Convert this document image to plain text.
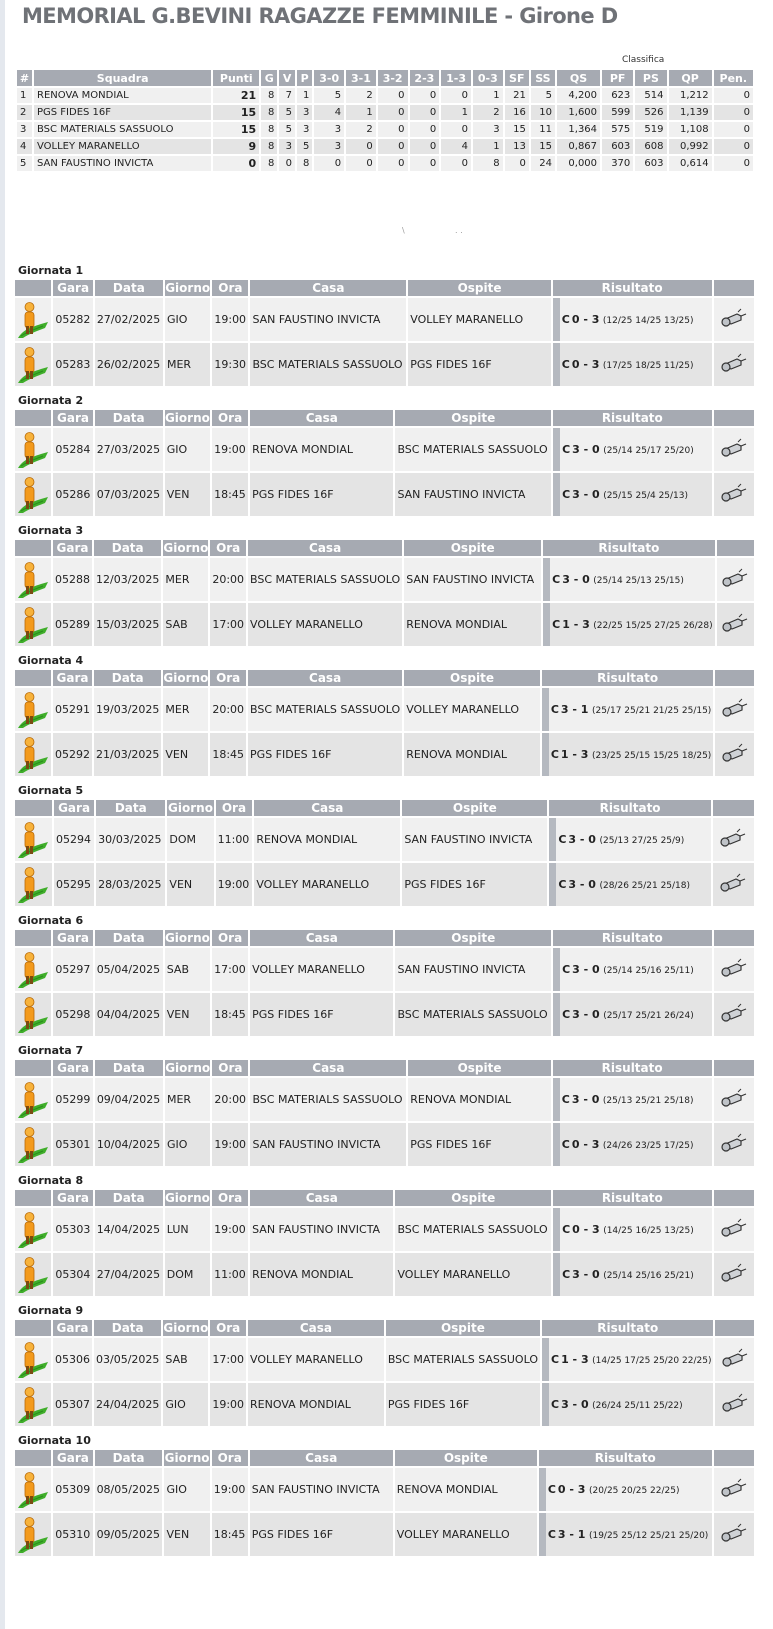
MEMORIAL G.BEVINI RAGAZZE FEMMINILE - Girone D
Classifica
#	Squadra	Punti	G	V	P	3-0	3-1	3-2	2-3	1-3	0-3	SF	SS	QS	PF	PS	QP	Pen.
1	RENOVA MONDIAL	21	8	7	1	5	2	0	0	0	1	21	5	4,200	623	514	1,212	0
2	PGS FIDES 16F	15	8	5	3	4	1	0	0	1	2	16	10	1,600	599	526	1,139	0
3	BSC MATERIALS SASSUOLO	15	8	5	3	3	2	0	0	0	3	15	11	1,364	575	519	1,108	0
4	VOLLEY MARANELLO	9	8	3	5	3	0	0	0	4	1	13	15	0,867	603	608	0,992	0
5	SAN FAUSTINO INVICTA	0	8	0	8	0	0	0	0	0	8	0	24	0,000	370	603	0,614	0
\	. .
Giornata 1
	Gara	Data	Giorno	Ora	Casa	Ospite	Risultato	
	05282	27/02/2025	GIO	19:00	SAN FAUSTINO INVICTA	VOLLEY MARANELLO	C 0 - 3 (12/25 14/25 13/25)	
	05283	26/02/2025	MER	19:30	BSC MATERIALS SASSUOLO	PGS FIDES 16F	C 0 - 3 (17/25 18/25 11/25)	
Giornata 2
	Gara	Data	Giorno	Ora	Casa	Ospite	Risultato	
	05284	27/03/2025	GIO	19:00	RENOVA MONDIAL	BSC MATERIALS SASSUOLO	C 3 - 0 (25/14 25/17 25/20)	
	05286	07/03/2025	VEN	18:45	PGS FIDES 16F	SAN FAUSTINO INVICTA	C 3 - 0 (25/15 25/4 25/13)	
Giornata 3
	Gara	Data	Giorno	Ora	Casa	Ospite	Risultato	
	05288	12/03/2025	MER	20:00	BSC MATERIALS SASSUOLO	SAN FAUSTINO INVICTA	C 3 - 0 (25/14 25/13 25/15)	
	05289	15/03/2025	SAB	17:00	VOLLEY MARANELLO	RENOVA MONDIAL	C 1 - 3 (22/25 15/25 27/25 26/28)	
Giornata 4
	Gara	Data	Giorno	Ora	Casa	Ospite	Risultato	
	05291	19/03/2025	MER	20:00	BSC MATERIALS SASSUOLO	VOLLEY MARANELLO	C 3 - 1 (25/17 25/21 21/25 25/15)	
	05292	21/03/2025	VEN	18:45	PGS FIDES 16F	RENOVA MONDIAL	C 1 - 3 (23/25 25/15 15/25 18/25)	
Giornata 5
	Gara	Data	Giorno	Ora	Casa	Ospite	Risultato	
	05294	30/03/2025	DOM	11:00	RENOVA MONDIAL	SAN FAUSTINO INVICTA	C 3 - 0 (25/13 27/25 25/9)	
	05295	28/03/2025	VEN	19:00	VOLLEY MARANELLO	PGS FIDES 16F	C 3 - 0 (28/26 25/21 25/18)	
Giornata 6
	Gara	Data	Giorno	Ora	Casa	Ospite	Risultato	
	05297	05/04/2025	SAB	17:00	VOLLEY MARANELLO	SAN FAUSTINO INVICTA	C 3 - 0 (25/14 25/16 25/11)	
	05298	04/04/2025	VEN	18:45	PGS FIDES 16F	BSC MATERIALS SASSUOLO	C 3 - 0 (25/17 25/21 26/24)	
Giornata 7
	Gara	Data	Giorno	Ora	Casa	Ospite	Risultato	
	05299	09/04/2025	MER	20:00	BSC MATERIALS SASSUOLO	RENOVA MONDIAL	C 3 - 0 (25/13 25/21 25/18)	
	05301	10/04/2025	GIO	19:00	SAN FAUSTINO INVICTA	PGS FIDES 16F	C 0 - 3 (24/26 23/25 17/25)	
Giornata 8
	Gara	Data	Giorno	Ora	Casa	Ospite	Risultato	
	05303	14/04/2025	LUN	19:00	SAN FAUSTINO INVICTA	BSC MATERIALS SASSUOLO	C 0 - 3 (14/25 16/25 13/25)	
	05304	27/04/2025	DOM	11:00	RENOVA MONDIAL	VOLLEY MARANELLO	C 3 - 0 (25/14 25/16 25/21)	
Giornata 9
	Gara	Data	Giorno	Ora	Casa	Ospite	Risultato	
	05306	03/05/2025	SAB	17:00	VOLLEY MARANELLO	BSC MATERIALS SASSUOLO	C 1 - 3 (14/25 17/25 25/20 22/25)	
	05307	24/04/2025	GIO	19:00	RENOVA MONDIAL	PGS FIDES 16F	C 3 - 0 (26/24 25/11 25/22)	
Giornata 10
	Gara	Data	Giorno	Ora	Casa	Ospite	Risultato	
	05309	08/05/2025	GIO	19:00	SAN FAUSTINO INVICTA	RENOVA MONDIAL	C 0 - 3 (20/25 20/25 22/25)	
	05310	09/05/2025	VEN	18:45	PGS FIDES 16F	VOLLEY MARANELLO	C 3 - 1 (19/25 25/12 25/21 25/20)	
